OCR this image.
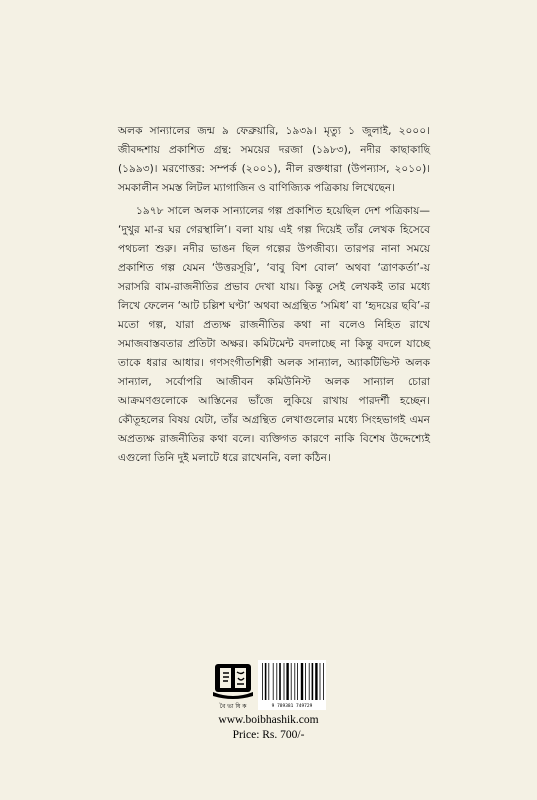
অলক সান্যালের জন্ম ৯ ফেব্রুয়ারি, ১৯৩৯। মৃত্যু ১ জুলাই, ২০০০। জীবদ্দশায় প্রকাশিত গ্রন্থ: সময়ের দরজা (১৯৮৩), নদীর কাছাকাছি (১৯৯৩)। মরণোত্তর: সম্পর্ক (২০০১), নীল রক্তধারা (উপন্যাস, ২০১০)। সমকালীন সমস্ত লিটল ম্যাগাজিন ও বাণিজ্যিক পত্রিকায় লিখেছেন।

১৯৭৮ সালে অলক সান্যালের গল্প প্রকাশিত হয়েছিল দেশ পত্রিকায়— ‘দুখুর মা-র ঘর গেরস্থালি’। বলা যায় এই গল্প দিয়েই তাঁর লেখক হিসেবে পথচলা শুরু। নদীর ভাঙন ছিল গল্পের উপজীব্য। তারপর নানা সময়ে প্রকাশিত গল্প যেমন ‘উত্তরসূরি’, ‘বাবু বিশ বোল’ অথবা ‘ত্রাণকর্তা’-য় সরাসরি বাম-রাজনীতির প্রভাব দেখা যায়। কিন্তু সেই লেখকই তার মধ্যে লিখে ফেলেন ‘আট চল্লিশ ঘণ্টা’ অথবা অগ্রন্থিত ‘সমিধ’ বা ‘হৃদয়ের ছবি’-র মতো গল্প, যারা প্রত্যক্ষ রাজনীতির কথা না বলেও নিহিত রাখে সমাজবাস্তবতার প্রতিটা অক্ষর। কমিটমেন্ট বদলাচ্ছে না কিন্তু বদলে যাচ্ছে তাকে ধরার আধার। গণসংগীতশিল্পী অলক সান্যাল, অ্যাকটিভিস্ট অলক সান্যাল, সর্বোপরি আজীবন কমিউনিস্ট অলক সান্যাল চোরা আক্রমণগুলোকে আস্তিনের ভাঁজে লুকিয়ে রাখায় পারদর্শী হচ্ছেন। কৌতূহলের বিষয় যেটা, তাঁর অগ্রন্থিত লেখাগুলোর মধ্যে সিংহভাগই এমন অপ্রত্যক্ষ রাজনীতির কথা বলে। ব্যক্তিগত কারণে নাকি বিশেষ উদ্দেশ্যেই এগুলো তিনি দুই মলাটে ধরে রাখেননি, বলা কঠিন।

বৈ ভা ষি ক	9 789381 749729
www.boibhashik.com
Price: Rs. 700/-
